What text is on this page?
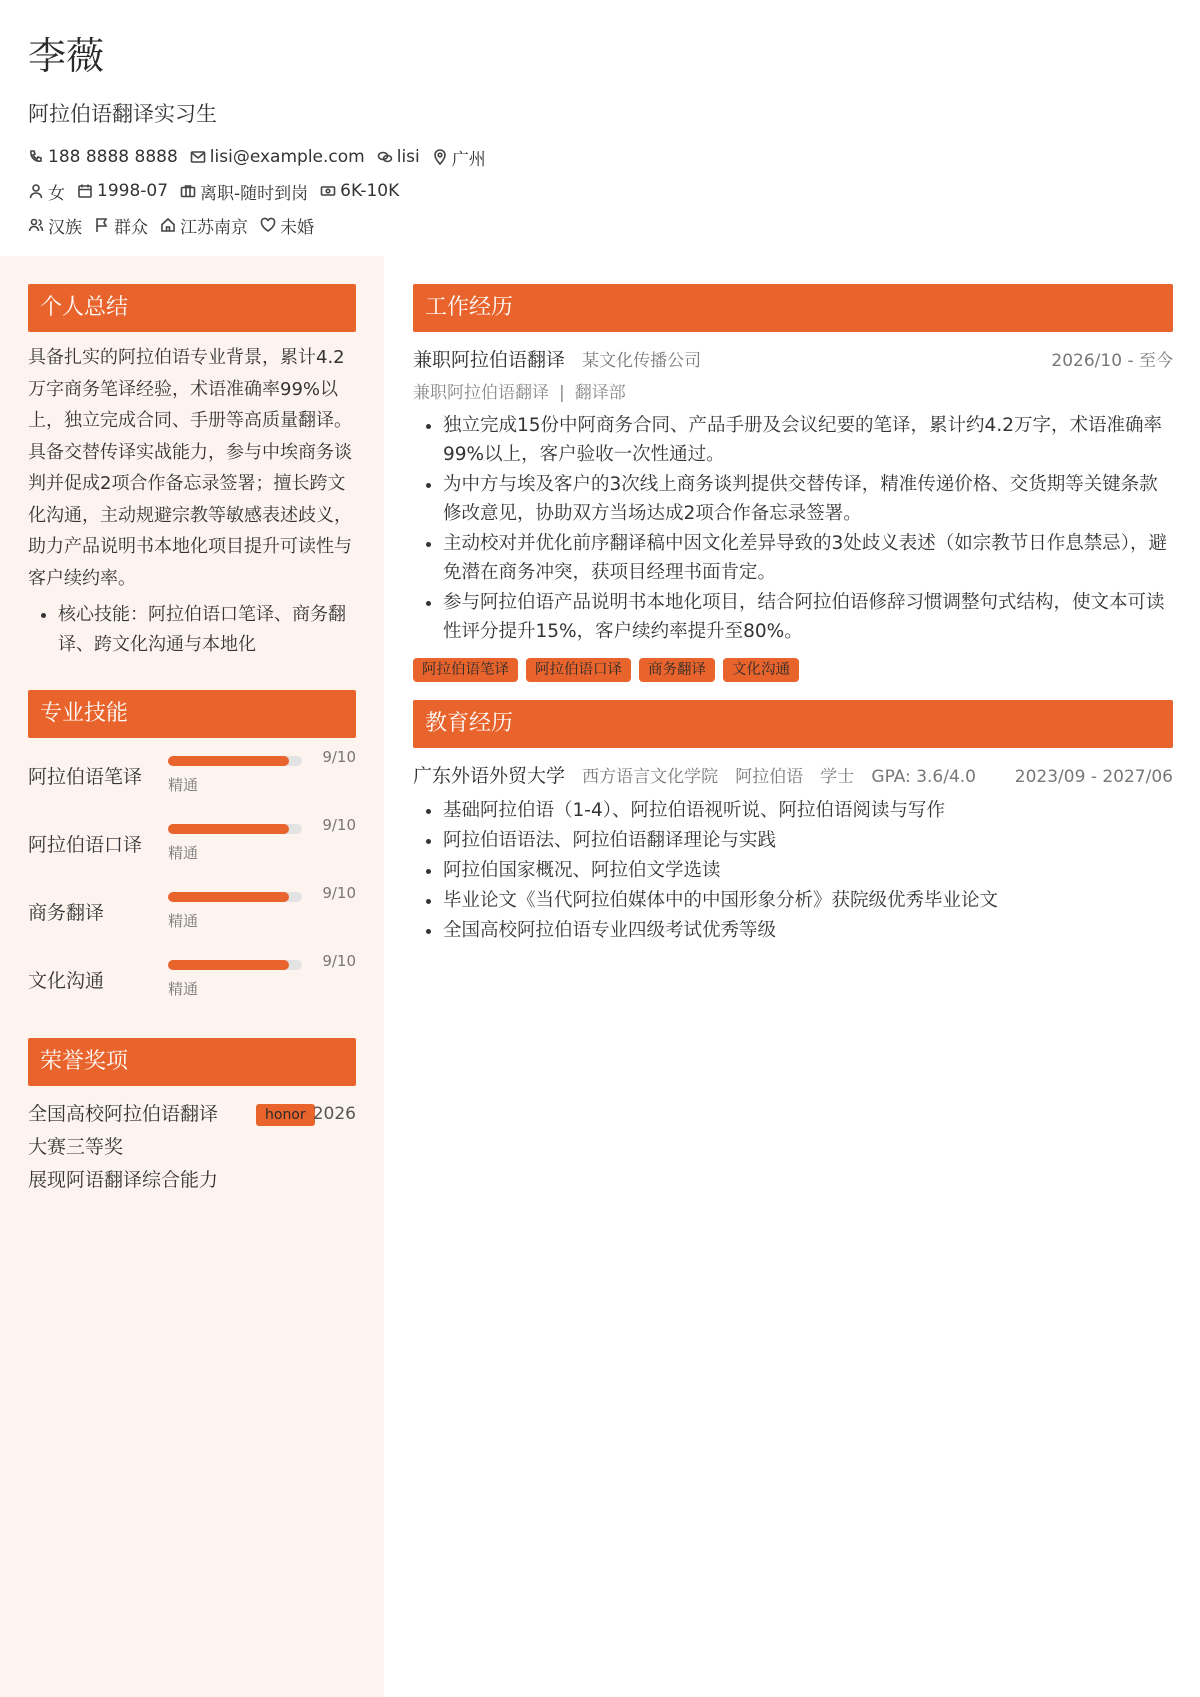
李薇
阿拉伯语翻译实习生
188 8888 8888 lisi@example.com lisi 广州
女 1998-07 离职-随时到岗 6K-10K
汉族 群众 江苏南京 未婚
个人总结
具备扎实的阿拉伯语专业背景，累计4.2万字商务笔译经验，术语准确率99%以上，独立完成合同、手册等高质量翻译。具备交替传译实战能力，参与中埃商务谈判并促成2项合作备忘录签署；擅长跨文化沟通，主动规避宗教等敏感表述歧义，助力产品说明书本地化项目提升可读性与客户续约率。
• 核心技能：阿拉伯语口笔译、商务翻译、跨文化沟通与本地化
专业技能
阿拉伯语笔译
9/10
精通
阿拉伯语口译
9/10
精通
商务翻译
9/10
精通
文化沟通
9/10
精通
荣誉奖项
全国高校阿拉伯语翻译大赛三等奖
honor 2026
展现阿语翻译综合能力
工作经历
兼职阿拉伯语翻译 某文化传播公司	2026/10 - 至今
兼职阿拉伯语翻译 | 翻译部
• 独立完成15份中阿商务合同、产品手册及会议纪要的笔译，累计约4.2万字，术语准确率99%以上，客户验收一次性通过。
• 为中方与埃及客户的3次线上商务谈判提供交替传译，精准传递价格、交货期等关键条款修改意见，协助双方当场达成2项合作备忘录签署。
• 主动校对并优化前序翻译稿中因文化差异导致的3处歧义表述（如宗教节日作息禁忌），避免潜在商务冲突，获项目经理书面肯定。
• 参与阿拉伯语产品说明书本地化项目，结合阿拉伯语修辞习惯调整句式结构，使文本可读性评分提升15%，客户续约率提升至80%。
阿拉伯语笔译	阿拉伯语口译	商务翻译	文化沟通
教育经历
广东外语外贸大学 西方语言文化学院 阿拉伯语 学士 GPA: 3.6/4.0	2023/09 - 2027/06
• 基础阿拉伯语（1-4）、阿拉伯语视听说、阿拉伯语阅读与写作
• 阿拉伯语语法、阿拉伯语翻译理论与实践
• 阿拉伯国家概况、阿拉伯文学选读
• 毕业论文《当代阿拉伯媒体中的中国形象分析》获院级优秀毕业论文
• 全国高校阿拉伯语专业四级考试优秀等级
